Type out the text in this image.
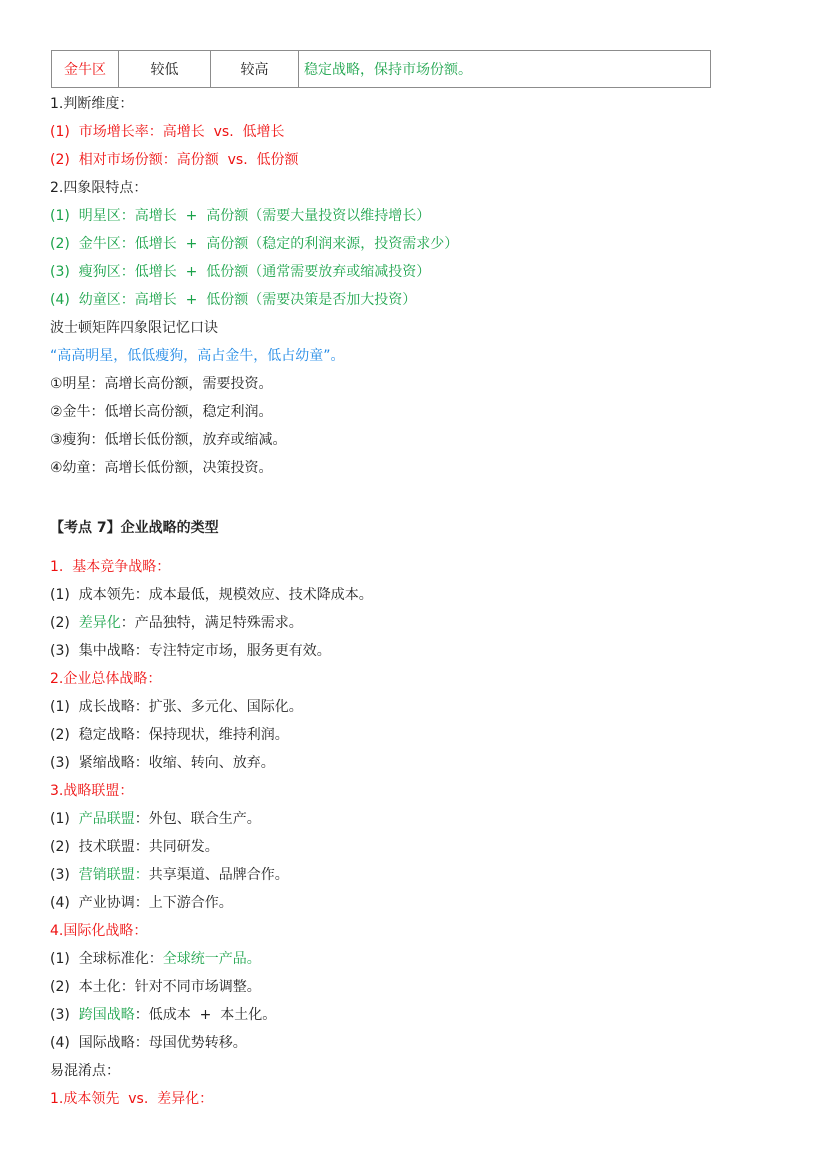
金牛区	较低	较高	稳定战略，保持市场份额。
1.判断维度：
(1)  市场增长率：高增长  vs.  低增长
(2)  相对市场份额：高份额  vs.  低份额
2.四象限特点：
(1)  明星区：高增长  +  高份额（需要大量投资以维持增长）
(2)  金牛区：低增长  +  高份额（稳定的利润来源，投资需求少）
(3)  瘦狗区：低增长  +  低份额（通常需要放弃或缩减投资）
(4)  幼童区：高增长  +  低份额（需要决策是否加大投资）
波士顿矩阵四象限记忆口诀
“高高明星，低低瘦狗，高占金牛，低占幼童”。
①明星：高增长高份额，需要投资。
②金牛：低增长高份额，稳定利润。
③瘦狗：低增长低份额，放弃或缩减。
④幼童：高增长低份额，决策投资。
【考点 7】企业战略的类型
1.  基本竞争战略：
(1)  成本领先：成本最低，规模效应、技术降成本。
(2)  差异化：产品独特，满足特殊需求。
(3)  集中战略：专注特定市场，服务更有效。
2.企业总体战略：
(1)  成长战略：扩张、多元化、国际化。
(2)  稳定战略：保持现状，维持利润。
(3)  紧缩战略：收缩、转向、放弃。
3.战略联盟：
(1)  产品联盟：外包、联合生产。
(2)  技术联盟：共同研发。
(3)  营销联盟：共享渠道、品牌合作。
(4)  产业协调：上下游合作。
4.国际化战略：
(1)  全球标准化：全球统一产品。
(2)  本土化：针对不同市场调整。
(3)  跨国战略：低成本  +  本土化。
(4)  国际战略：母国优势转移。
易混淆点：
1.成本领先  vs.  差异化：
